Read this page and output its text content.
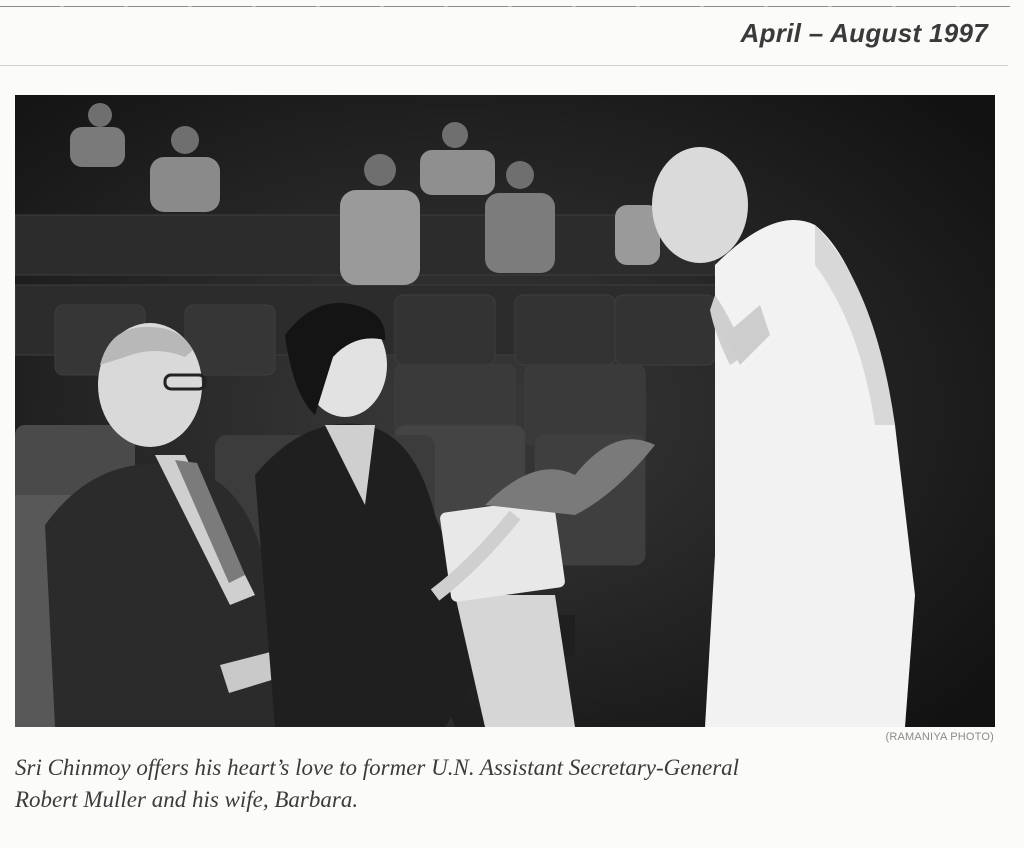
April – August 1997
(RAMANIYA PHOTO)
Sri Chinmoy offers his heart’s love to former U.N. Assistant Secretary-General
Robert Muller and his wife, Barbara.
